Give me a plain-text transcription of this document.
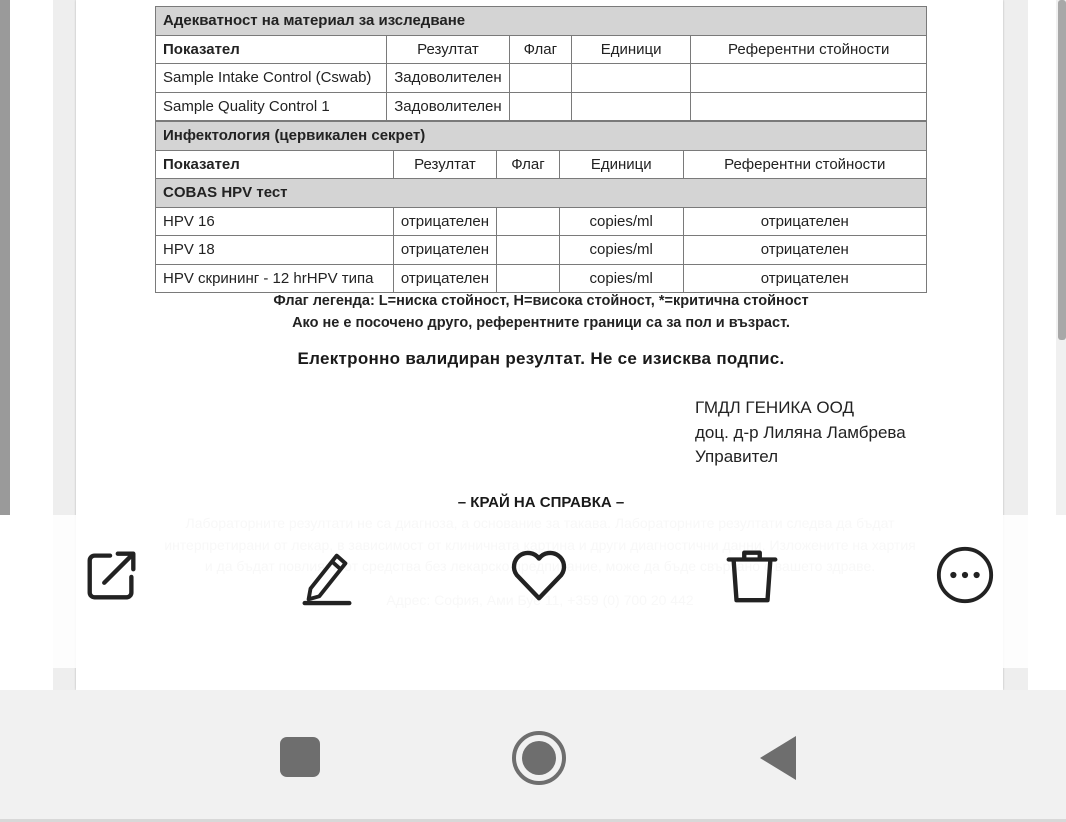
Адекватност на материал за изследване				
Показател	Резултат	Флаг	Единици	Референтни стойности
Sample Intake Control (Cswab)	Задоволителен			
Sample Quality Control 1	Задоволителен			
Инфектология (цервикален секрет)				
Показател	Резултат	Флаг	Единици	Референтни стойности
COBAS HPV тест				
HPV 16	отрицателен		copies/ml	отрицателен
HPV 18	отрицателен		copies/ml	отрицателен
HPV скрининг - 12 hrHPV типа	отрицателен		copies/ml	отрицателен
Флаг легенда: L=ниска стойност, H=висока стойност, *=критична стойност
Ако не е посочено друго, референтните граници са за пол и възраст.
Електронно валидиран резултат. Не се изисква подпис.
ГМДЛ ГЕНИКА ООД
доц. д-р Лиляна Ламбрева
Управител
– КРАЙ НА СПРАВКА –
